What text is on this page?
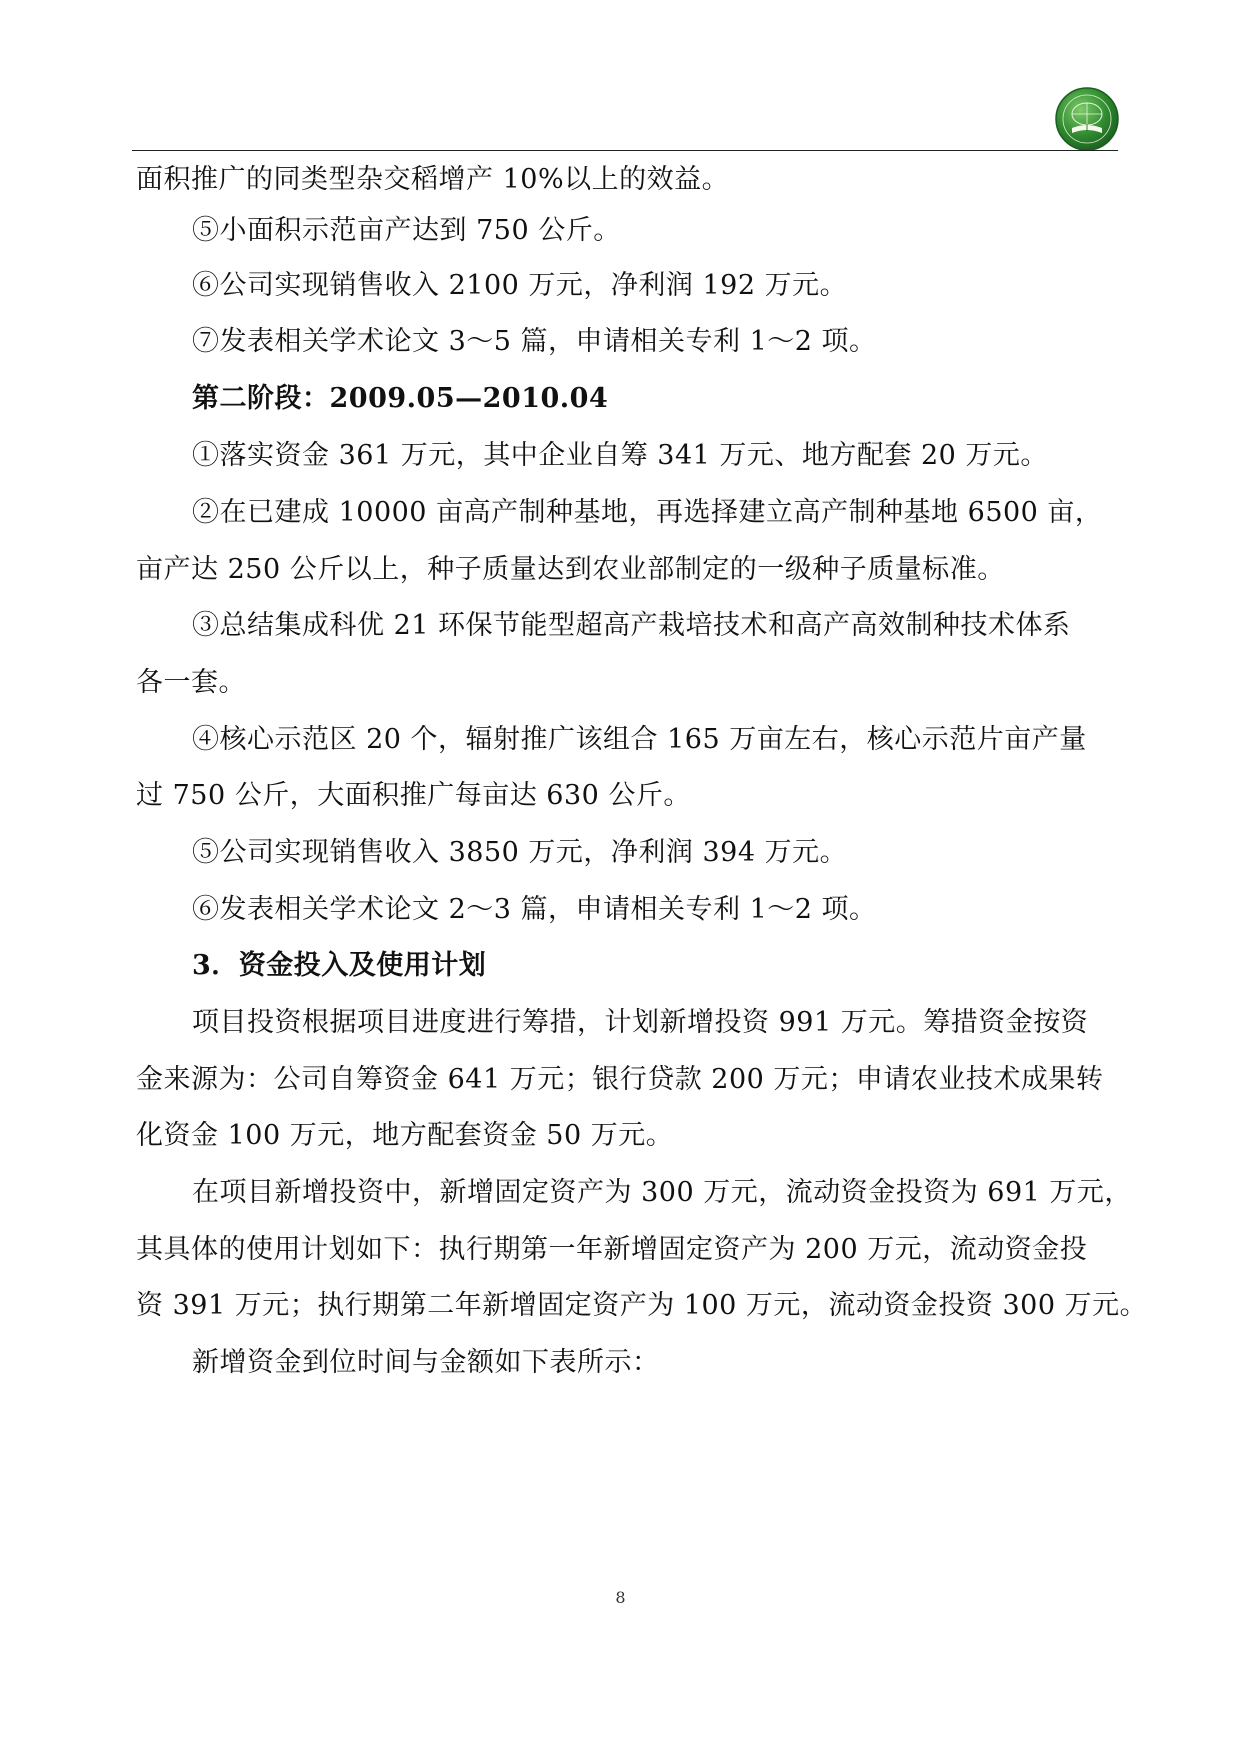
面积推广的同类型杂交稻增产 10%以上的效益。
⑤小面积示范亩产达到 750 公斤。
⑥公司实现销售收入 2100 万元，净利润 192 万元。
⑦发表相关学术论文 3～5 篇，申请相关专利 1～2 项。
第二阶段：2009.05—2010.04
①落实资金 361 万元，其中企业自筹 341 万元、地方配套 20 万元。
②在已建成 10000 亩高产制种基地，再选择建立高产制种基地 6500 亩，
亩产达 250 公斤以上，种子质量达到农业部制定的一级种子质量标准。
③总结集成科优 21 环保节能型超高产栽培技术和高产高效制种技术体系
各一套。
④核心示范区 20 个，辐射推广该组合 165 万亩左右，核心示范片亩产量
过 750 公斤，大面积推广每亩达 630 公斤。
⑤公司实现销售收入 3850 万元，净利润 394 万元。
⑥发表相关学术论文 2～3 篇，申请相关专利 1～2 项。
3．资金投入及使用计划
项目投资根据项目进度进行筹措，计划新增投资 991 万元。筹措资金按资
金来源为：公司自筹资金 641 万元；银行贷款 200 万元；申请农业技术成果转
化资金 100 万元，地方配套资金 50 万元。
在项目新增投资中，新增固定资产为 300 万元，流动资金投资为 691 万元，
其具体的使用计划如下：执行期第一年新增固定资产为 200 万元，流动资金投
资 391 万元；执行期第二年新增固定资产为 100 万元，流动资金投资 300 万元。
新增资金到位时间与金额如下表所示：
8
